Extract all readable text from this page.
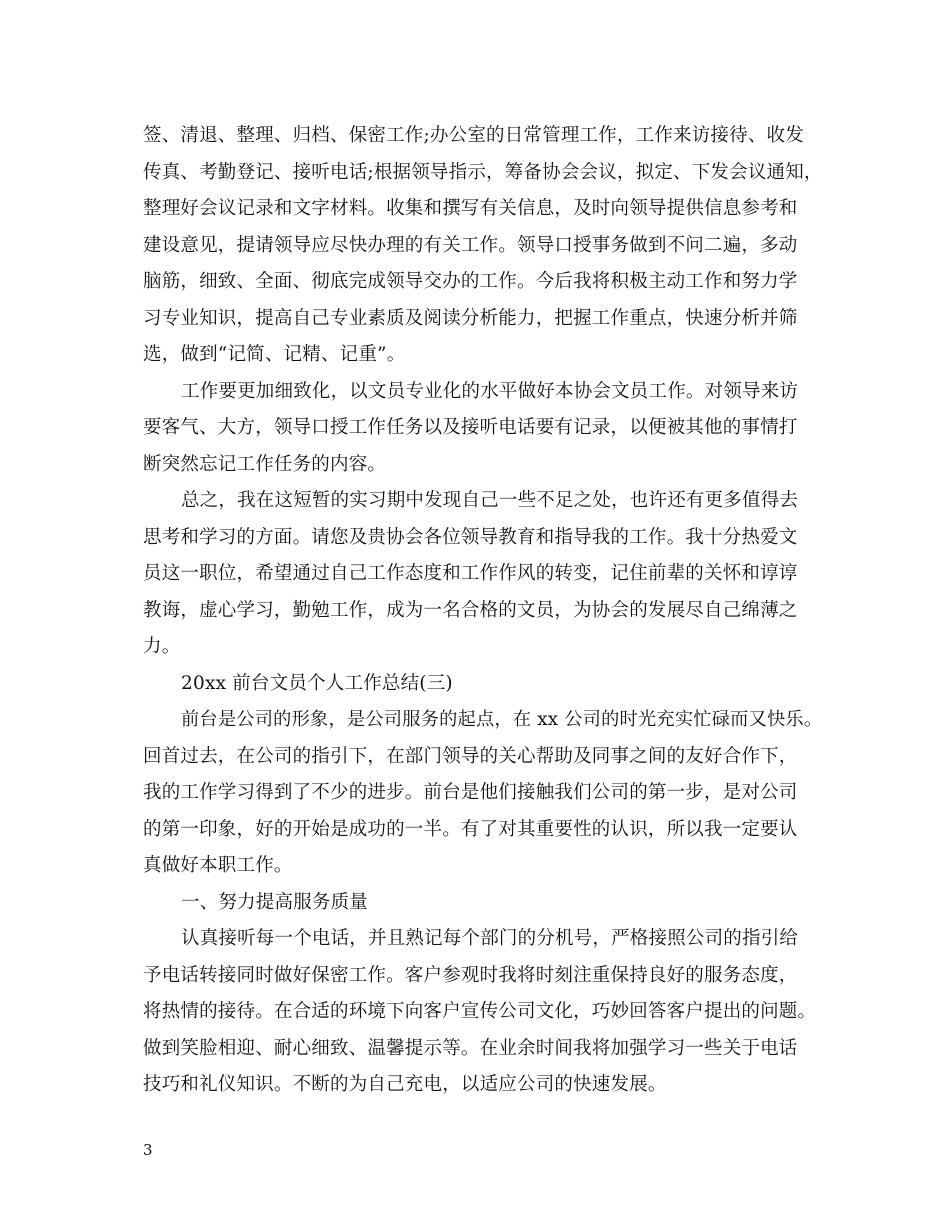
签、清退、整理、归档、保密工作;办公室的日常管理工作，工作来访接待、收发
传真、考勤登记、接听电话;根据领导指示，筹备协会会议，拟定、下发会议通知，
整理好会议记录和文字材料。收集和撰写有关信息，及时向领导提供信息参考和
建设意见，提请领导应尽快办理的有关工作。领导口授事务做到不问二遍，多动
脑筋，细致、全面、彻底完成领导交办的工作。今后我将积极主动工作和努力学
习专业知识，提高自己专业素质及阅读分析能力，把握工作重点，快速分析并筛
选，做到“记简、记精、记重”。
工作要更加细致化，以文员专业化的水平做好本协会文员工作。对领导来访
要客气、大方，领导口授工作任务以及接听电话要有记录，以便被其他的事情打
断突然忘记工作任务的内容。
总之，我在这短暂的实习期中发现自己一些不足之处，也许还有更多值得去
思考和学习的方面。请您及贵协会各位领导教育和指导我的工作。我十分热爱文
员这一职位，希望通过自己工作态度和工作作风的转变，记住前辈的关怀和谆谆
教诲，虚心学习，勤勉工作，成为一名合格的文员，为协会的发展尽自己绵薄之
力。
20xx 前台文员个人工作总结(三)
前台是公司的形象，是公司服务的起点，在 xx 公司的时光充实忙碌而又快乐。
回首过去，在公司的指引下，在部门领导的关心帮助及同事之间的友好合作下，
我的工作学习得到了不少的进步。前台是他们接触我们公司的第一步，是对公司
的第一印象，好的开始是成功的一半。有了对其重要性的认识，所以我一定要认
真做好本职工作。
一、努力提高服务质量
认真接听每一个电话，并且熟记每个部门的分机号，严格接照公司的指引给
予电话转接同时做好保密工作。客户参观时我将时刻注重保持良好的服务态度，
将热情的接待。在合适的环境下向客户宣传公司文化，巧妙回答客户提出的问题。
做到笑脸相迎、耐心细致、温馨提示等。在业余时间我将加强学习一些关于电话
技巧和礼仪知识。不断的为自己充电，以适应公司的快速发展。
3
